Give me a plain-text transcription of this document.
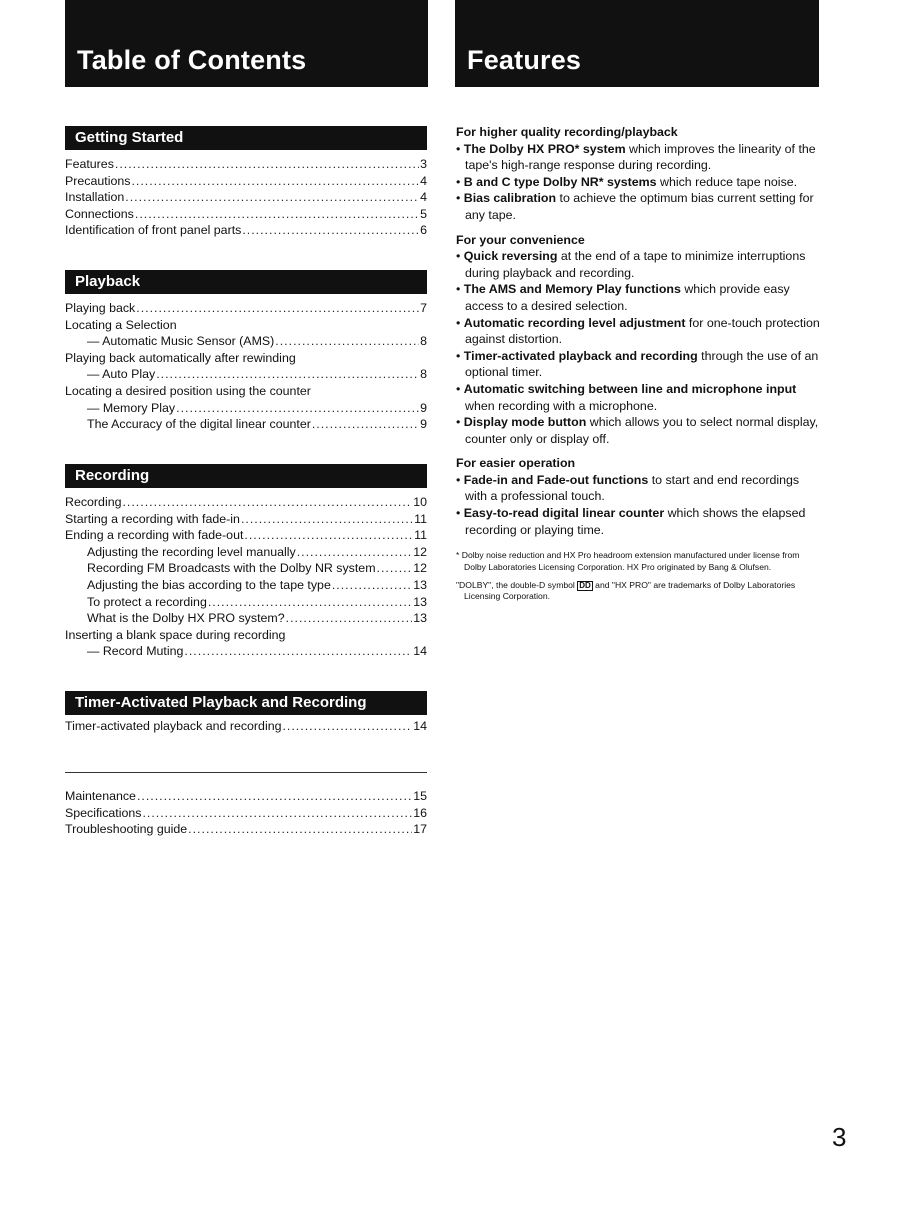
Table of Contents	Features
Getting Started
Features .....	3
Precautions .....	4
Installation .....	4
Connections .....	5
Identification of front panel parts .....	6
Playback
Playing back .....	7
Locating a Selection
— Automatic Music Sensor (AMS) .....	8
Playing back automatically after rewinding
— Auto Play .....	8
Locating a desired position using the counter
— Memory Play .....	9
The Accuracy of the digital linear counter .....	9
Recording
Recording .....	10
Starting a recording with fade-in .....	11
Ending a recording with fade-out .....	11
Adjusting the recording level manually .....	12
Recording FM Broadcasts with the Dolby NR system .....	12
Adjusting the bias according to the tape type .....	13
To protect a recording .....	13
What is the Dolby HX PRO system? .....	13
Inserting a blank space during recording
— Record Muting .....	14
Timer-Activated Playback and Recording
Timer-activated playback and recording .....	14
Maintenance .....	15
Specifications .....	16
Troubleshooting guide .....	17
For higher quality recording/playback
• The Dolby HX PRO* system which improves the linearity of the tape's high-range response during recording.
• B and C type Dolby NR* systems which reduce tape noise.
• Bias calibration to achieve the optimum bias current setting for any tape.
For your convenience
• Quick reversing at the end of a tape to minimize interruptions during playback and recording.
• The AMS and Memory Play functions which provide easy access to a desired selection.
• Automatic recording level adjustment for one-touch protection against distortion.
• Timer-activated playback and recording through the use of an optional timer.
• Automatic switching between line and microphone input when recording with a microphone.
• Display mode button which allows you to select normal display, counter only or display off.
For easier operation
• Fade-in and Fade-out functions to start and end recordings with a professional touch.
• Easy-to-read digital linear counter which shows the elapsed recording or playing time.

* Dolby noise reduction and HX Pro headroom extension manufactured under license from Dolby Laboratories Licensing Corporation. HX Pro originated by Bang & Olufsen.

"DOLBY", the double-D symbol DD and "HX PRO" are trademarks of Dolby Laboratories Licensing Corporation.

3
